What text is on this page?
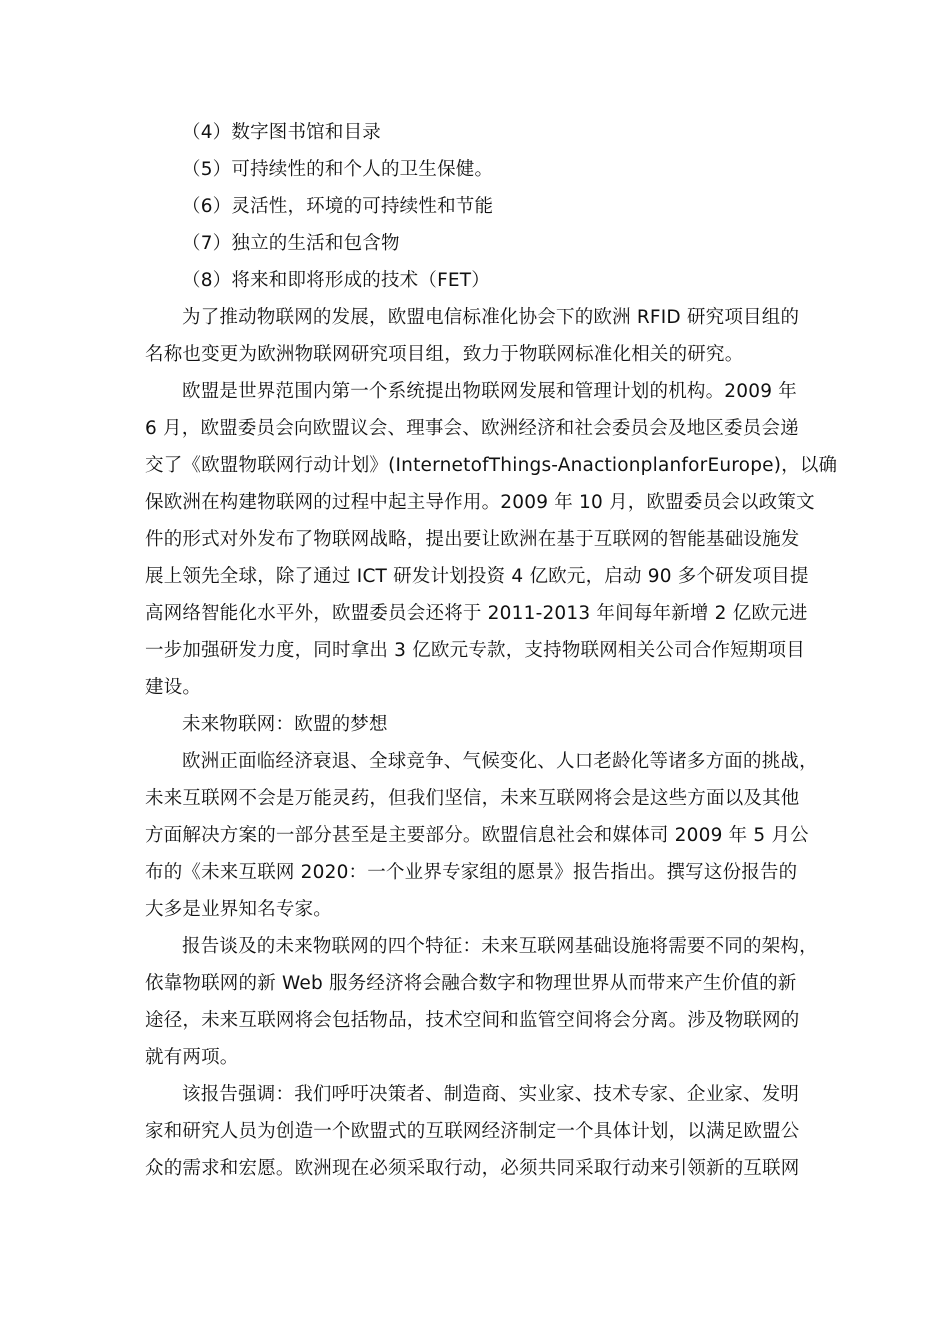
（4）数字图书馆和目录
（5）可持续性的和个人的卫生保健。
（6）灵活性，环境的可持续性和节能
（7）独立的生活和包含物
（8）将来和即将形成的技术（FET）
为了推动物联网的发展，欧盟电信标准化协会下的欧洲 RFID 研究项目组的
名称也变更为欧洲物联网研究项目组，致力于物联网标准化相关的研究。
欧盟是世界范围内第一个系统提出物联网发展和管理计划的机构。2009 年
6 月，欧盟委员会向欧盟议会、理事会、欧洲经济和社会委员会及地区委员会递
交了《欧盟物联网行动计划》(InternetofThings-AnactionplanforEurope)，以确
保欧洲在构建物联网的过程中起主导作用。2009 年 10 月，欧盟委员会以政策文
件的形式对外发布了物联网战略，提出要让欧洲在基于互联网的智能基础设施发
展上领先全球，除了通过 ICT 研发计划投资 4 亿欧元，启动 90 多个研发项目提
高网络智能化水平外，欧盟委员会还将于 2011-2013 年间每年新增 2 亿欧元进
一步加强研发力度，同时拿出 3 亿欧元专款，支持物联网相关公司合作短期项目
建设。
未来物联网：欧盟的梦想
欧洲正面临经济衰退、全球竞争、气候变化、人口老龄化等诸多方面的挑战，
未来互联网不会是万能灵药，但我们坚信，未来互联网将会是这些方面以及其他
方面解决方案的一部分甚至是主要部分。欧盟信息社会和媒体司 2009 年 5 月公
布的《未来互联网 2020：一个业界专家组的愿景》报告指出。撰写这份报告的
大多是业界知名专家。
报告谈及的未来物联网的四个特征：未来互联网基础设施将需要不同的架构，
依靠物联网的新 Web 服务经济将会融合数字和物理世界从而带来产生价值的新
途径，未来互联网将会包括物品，技术空间和监管空间将会分离。涉及物联网的
就有两项。
该报告强调：我们呼吁决策者、制造商、实业家、技术专家、企业家、发明
家和研究人员为创造一个欧盟式的互联网经济制定一个具体计划，以满足欧盟公
众的需求和宏愿。欧洲现在必须采取行动，必须共同采取行动来引领新的互联网
